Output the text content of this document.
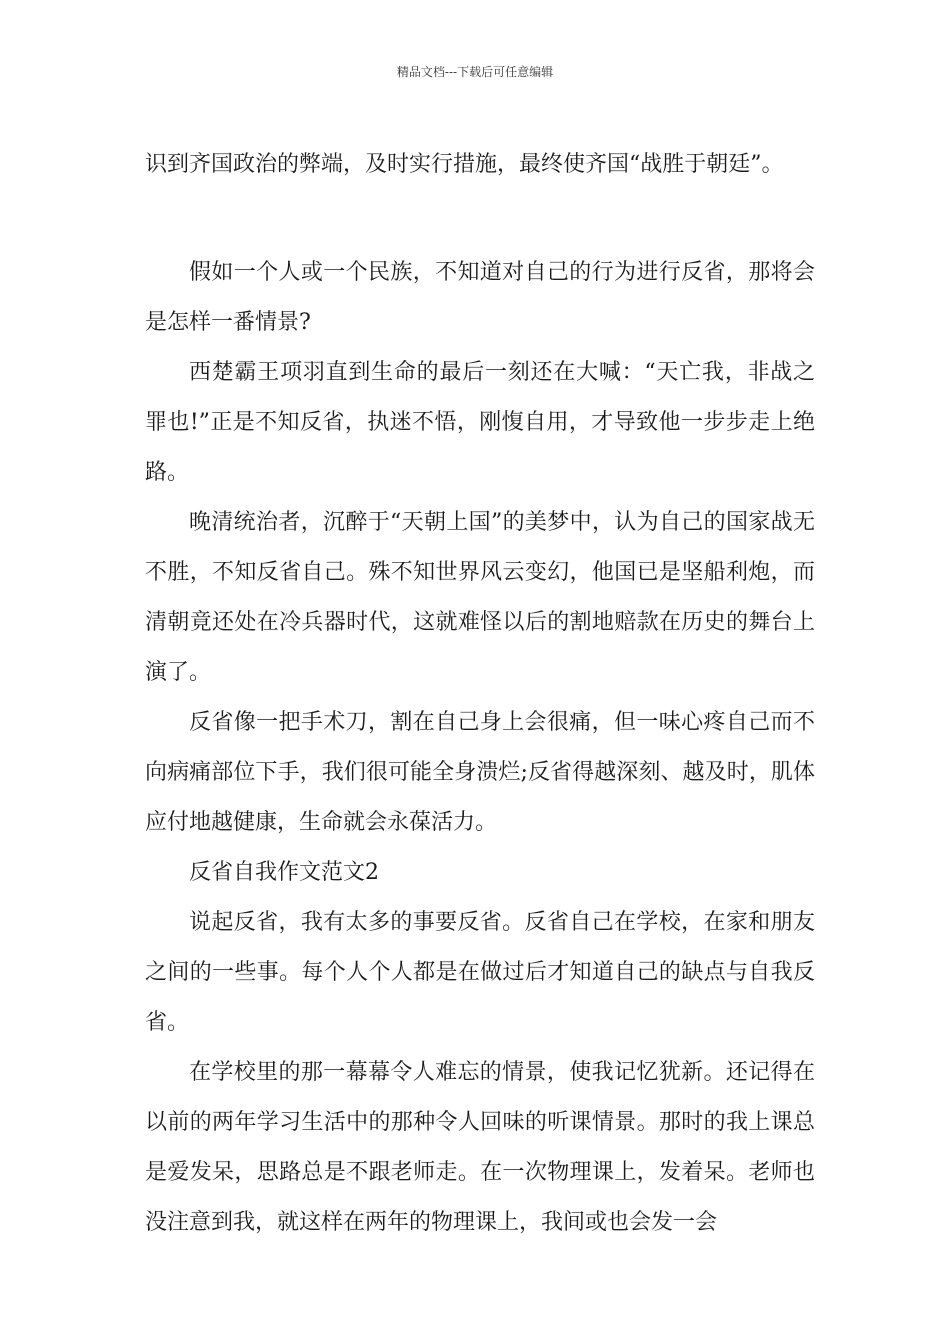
精品文档---下载后可任意编辑

识到齐国政治的弊端，及时实行措施，最终使齐国“战胜于朝廷”。

假如一个人或一个民族，不知道对自己的行为进行反省，那将会是怎样一番情景?

西楚霸王项羽直到生命的最后一刻还在大喊：“天亡我，非战之罪也!”正是不知反省，执迷不悟，刚愎自用，才导致他一步步走上绝路。

晚清统治者，沉醉于“天朝上国”的美梦中，认为自己的国家战无不胜，不知反省自己。殊不知世界风云变幻，他国已是坚船利炮，而清朝竟还处在冷兵器时代，这就难怪以后的割地赔款在历史的舞台上演了。

反省像一把手术刀，割在自己身上会很痛，但一味心疼自己而不向病痛部位下手，我们很可能全身溃烂;反省得越深刻、越及时，肌体应付地越健康，生命就会永葆活力。

反省自我作文范文2

说起反省，我有太多的事要反省。反省自己在学校，在家和朋友之间的一些事。每个人个人都是在做过后才知道自己的缺点与自我反省。

在学校里的那一幕幕令人难忘的情景，使我记忆犹新。还记得在以前的两年学习生活中的那种令人回味的听课情景。那时的我上课总是爱发呆，思路总是不跟老师走。在一次物理课上，发着呆。老师也没注意到我，就这样在两年的物理课上，我间或也会发一会
